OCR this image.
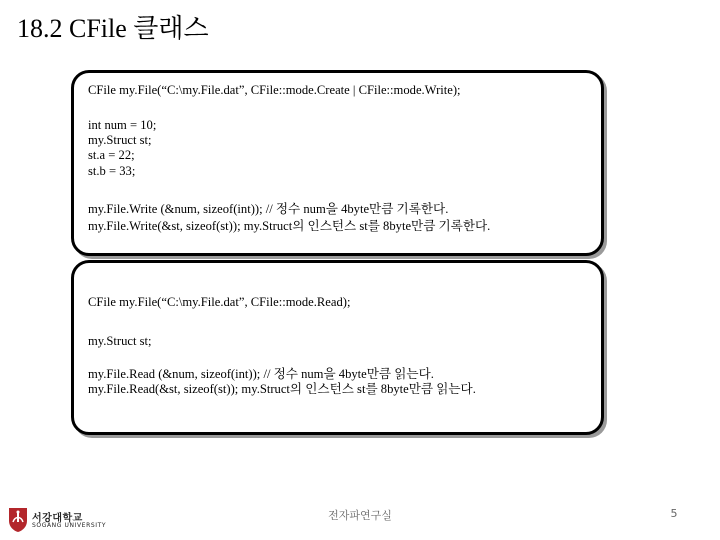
18.2 CFile 클래스
CFile my.File(“C:\my.File.dat”, CFile::mode.Create | CFile::mode.Write);
int num = 10;
my.Struct st;
st.a = 22;
st.b = 33;
my.File.Write (&num, sizeof(int)); // 정수 num을 4byte만큼 기록한다.
my.File.Write(&st, sizeof(st)); my.Struct의 인스턴스 st를 8byte만큼 기록한다.
CFile my.File(“C:\my.File.dat”, CFile::mode.Read);
my.Struct st;
my.File.Read (&num, sizeof(int)); // 정수 num을 4byte만큼 읽는다.
my.File.Read(&st, sizeof(st)); my.Struct의 인스턴스 st를 8byte만큼 읽는다.
서강대학교
SOGANG UNIVERSITY
전자파연구실	5
